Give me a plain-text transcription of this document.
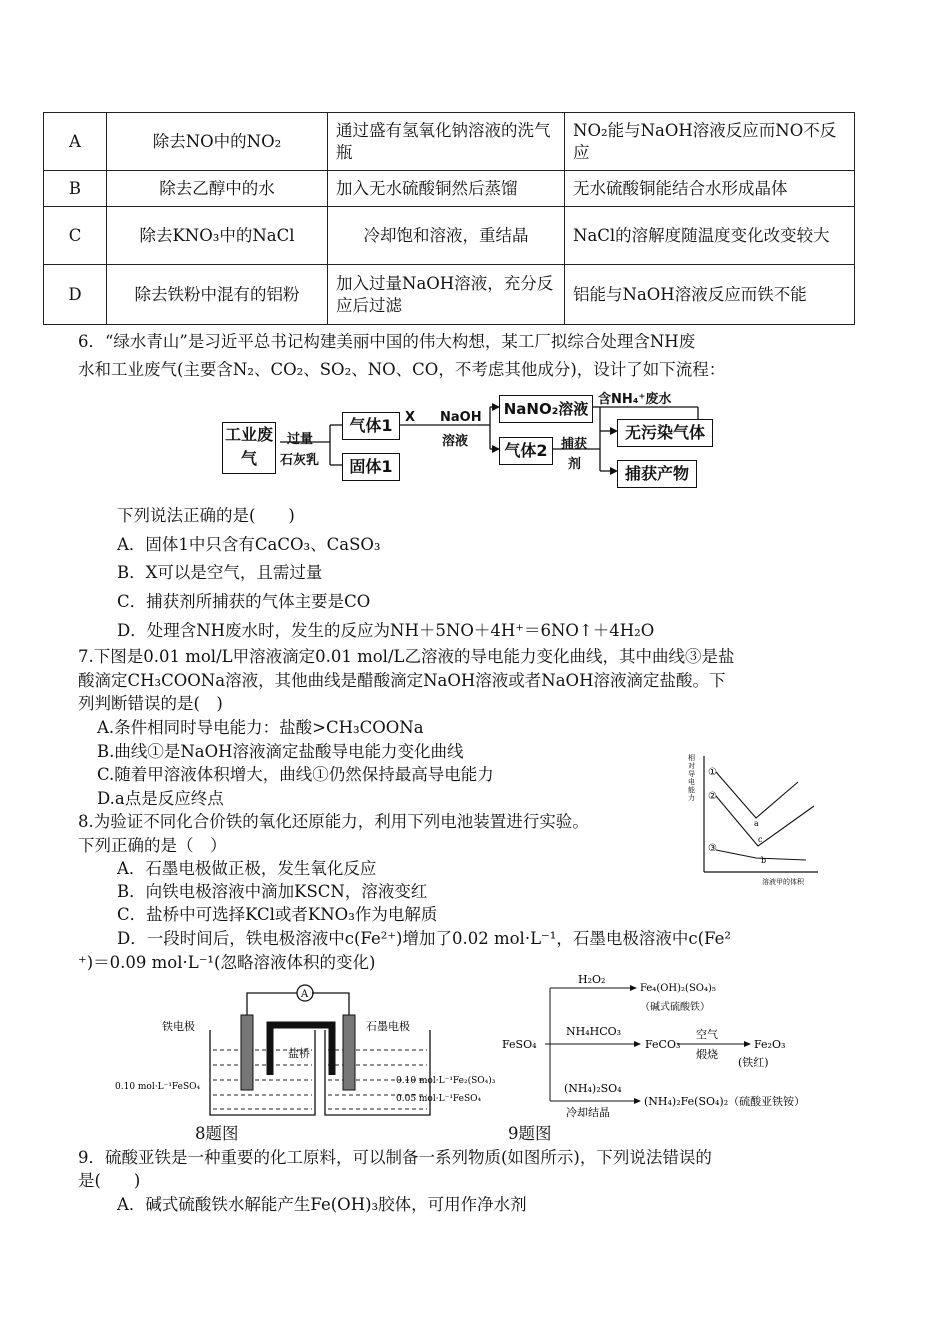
A	除去NO中的NO₂	通过盛有氢氧化钠溶液的洗气瓶	NO₂能与NaOH溶液反应而NO不反应
B	除去乙醇中的水	加入无水硫酸铜然后蒸馏	无水硫酸铜能结合水形成晶体
C	除去KNO₃中的NaCl	冷却饱和溶液，重结晶	NaCl的溶解度随温度变化改变较大
D	除去铁粉中混有的铝粉	加入过量NaOH溶液，充分反应后过滤	铝能与NaOH溶液反应而铁不能
6．“绿水青山”是习近平总书记构建美丽中国的伟大构想，某工厂拟综合处理含NH废
水和工业废气(主要含N₂、CO₂、SO₂、NO、CO，不考虑其他成分)，设计了如下流程：
工业废气
过量
石灰乳
气体1
固体1
X NaOH
溶液
NaNO₂溶液
含NH₄⁺废水
气体2	捕获
剂
无污染气体
捕获产物
下列说法正确的是(　　)
A．固体1中只含有CaCO₃、CaSO₃
B．X可以是空气，且需过量
C．捕获剂所捕获的气体主要是CO
D．处理含NH废水时，发生的反应为NH＋5NO＋4H⁺＝6NO↑＋4H₂O
7.下图是0.01 mol/L甲溶液滴定0.01 mol/L乙溶液的导电能力变化曲线，其中曲线③是盐
酸滴定CH₃COONa溶液，其他曲线是醋酸滴定NaOH溶液或者NaOH溶液滴定盐酸。下
列判断错误的是(　)
A.条件相同时导电能力：盐酸>CH₃COONa
B.曲线①是NaOH溶液滴定盐酸导电能力变化曲线
C.随着甲溶液体积增大，曲线①仍然保持最高导电能力
D.a点是反应终点
相对导电能力
①
②
③
a
b
c
溶液甲的体积
8.为验证不同化合价铁的氧化还原能力，利用下列电池装置进行实验。
下列正确的是（　）
A．石墨电极做正极，发生氧化反应
B．向铁电极溶液中滴加KSCN，溶液变红
C．盐桥中可选择KCl或者KNO₃作为电解质
D．一段时间后，铁电极溶液中c(Fe²⁺)增加了0.02 mol·L⁻¹，石墨电极溶液中c(Fe²
⁺)＝0.09 mol·L⁻¹(忽略溶液体积的变化)
A
铁电极	石墨电极
盐桥
0.10 mol·L⁻¹FeSO₄
0.10 mol·L⁻¹Fe₂(SO₄)₃
0.05 mol·L⁻¹FeSO₄
8题图
FeSO₄
H₂O₂
Fe₄(OH)₂(SO₄)₅
（碱式硫酸铁）
NH₄HCO₃
FeCO₃
空气
煅烧
Fe₂O₃
(铁红)
(NH₄)₂SO₄
冷却结晶
(NH₄)₂Fe(SO₄)₂（硫酸亚铁铵）
9题图
9．硫酸亚铁是一种重要的化工原料，可以制备一系列物质(如图所示)，下列说法错误的
是(　　)
A．碱式硫酸铁水解能产生Fe(OH)₃胶体，可用作净水剂
